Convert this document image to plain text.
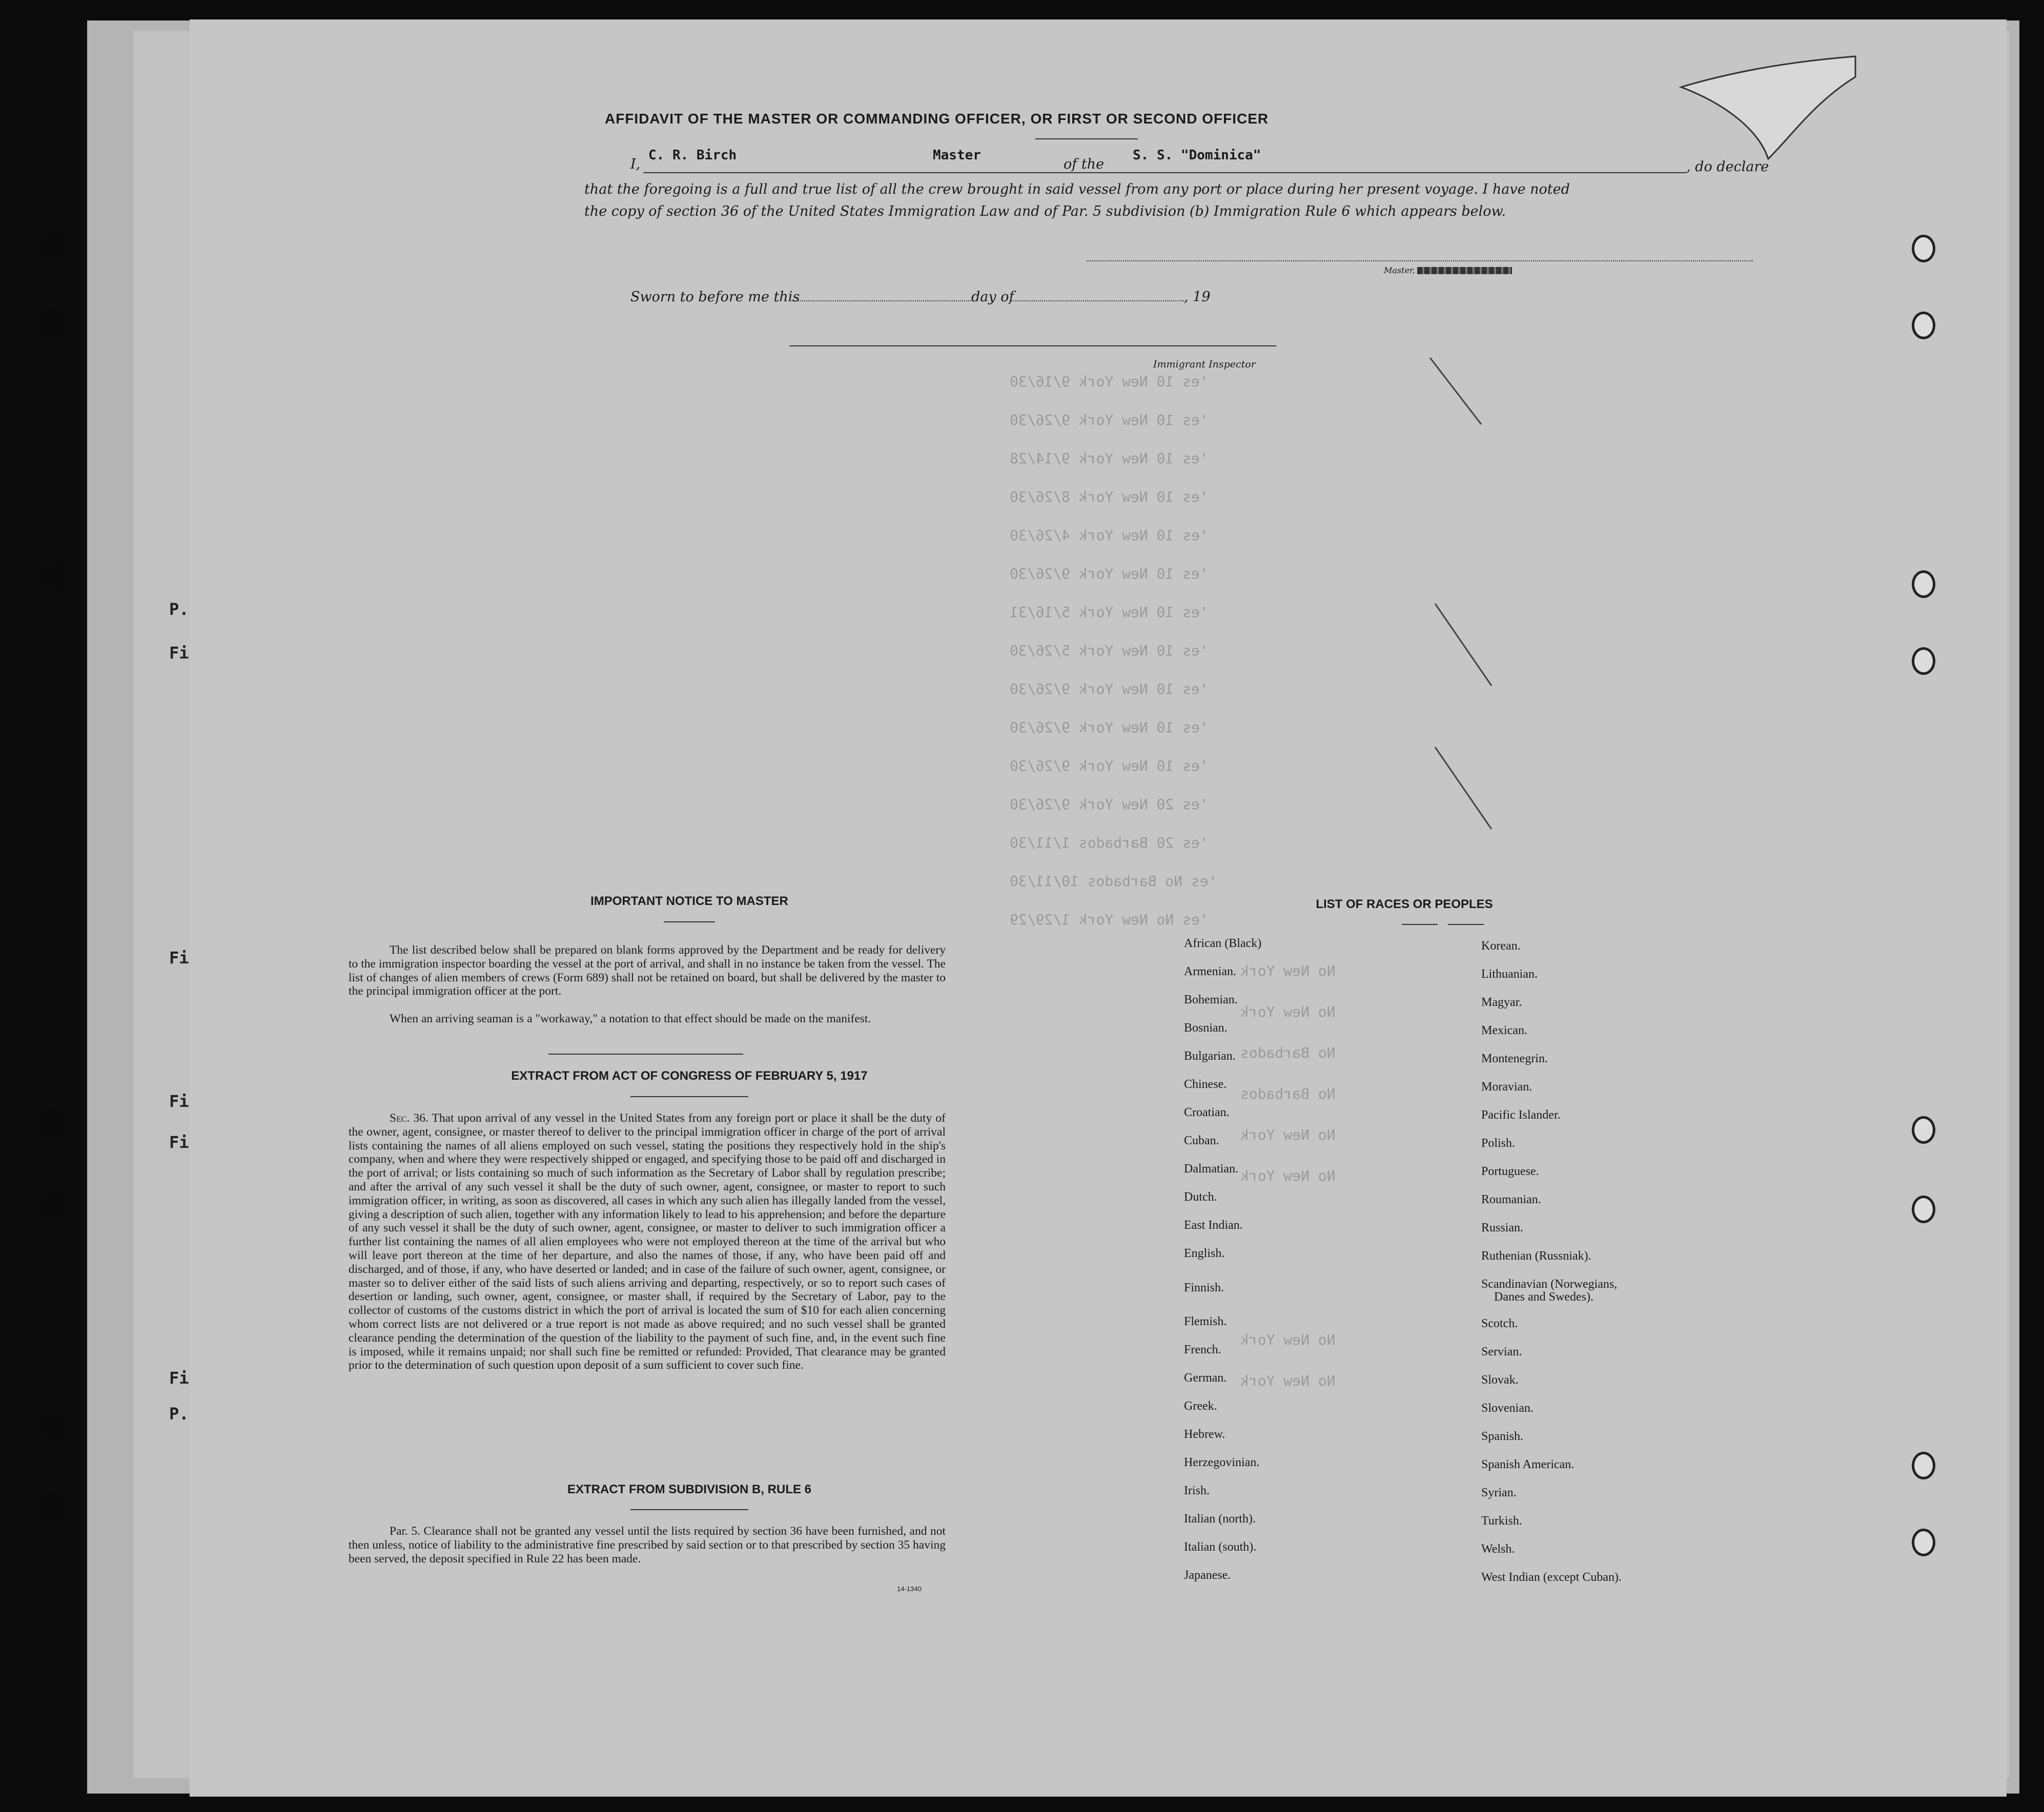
P.
Fi
Fi
Fi
Fi
Fi
P.
'es 10 New York 9/16/30
'es 10 New York 9/26/30
'es 10 New York 9/14/28
'es 10 New York 8/26/30
'es 10 New York 4/26/30
'es 10 New York 9/26/30
'es 10 New York 5/16/31
'es 10 New York 5/26/30
'es 10 New York 9/26/30
'es 10 New York 9/26/30
'es 10 New York 9/26/30
'es 20 New York 9/26/30
'es 20 Barbados 1/11/30
'es No Barbados 10/11/30
'es No New York 1/29/29
No New York
No New York
No Barbados
No Barbados
No New York
No New York
No New York
No New York
AFFIDAVIT OF THE MASTER OR COMMANDING OFFICER, OR FIRST OR SECOND OFFICER
I,
C. R. Birch	Master
of the
S. S. "Dominica"
, do declare
that the foregoing is a full and true list of all the crew brought in said vessel from any port or place during her present voyage. I have noted
the copy of section 36 of the United States Immigration Law and of Par. 5 subdivision (b) Immigration Rule 6 which appears below.
Master,
Sworn to before me this	day of	, 19
Immigrant Inspector
IMPORTANT NOTICE TO MASTER
The list described below shall be prepared on blank forms approved by the Department and be ready for delivery to the immigration inspector boarding the vessel at the port of arrival, and shall in no instance be taken from the vessel. The list of changes of alien members of crews (Form 689) shall not be retained on board, but shall be delivered by the master to the principal immigration officer at the port.
When an arriving seaman is a "workaway," a notation to that effect should be made on the manifest.
EXTRACT FROM ACT OF CONGRESS OF FEBRUARY 5, 1917
Sec. 36. That upon arrival of any vessel in the United States from any foreign port or place it shall be the duty of the owner, agent, consignee, or master thereof to deliver to the principal immigration officer in charge of the port of arrival lists containing the names of all aliens employed on such vessel, stating the positions they respectively hold in the ship's company, when and where they were respectively shipped or engaged, and specifying those to be paid off and discharged in the port of arrival; or lists containing so much of such information as the Secretary of Labor shall by regulation prescribe; and after the arrival of any such vessel it shall be the duty of such owner, agent, consignee, or master to report to such immigration officer, in writing, as soon as discovered, all cases in which any such alien has illegally landed from the vessel, giving a description of such alien, together with any information likely to lead to his apprehension; and before the departure of any such vessel it shall be the duty of such owner, agent, consignee, or master to deliver to such immigration officer a further list containing the names of all alien employees who were not employed thereon at the time of the arrival but who will leave port thereon at the time of her departure, and also the names of those, if any, who have been paid off and discharged, and of those, if any, who have deserted or landed; and in case of the failure of such owner, agent, consignee, or master so to deliver either of the said lists of such aliens arriving and departing, respectively, or so to report such cases of desertion or landing, such owner, agent, consignee, or master shall, if required by the Secretary of Labor, pay to the collector of customs of the customs district in which the port of arrival is located the sum of $10 for each alien concerning whom correct lists are not delivered or a true report is not made as above required; and no such vessel shall be granted clearance pending the determination of the question of the liability to the payment of such fine, and, in the event such fine is imposed, while it remains unpaid; nor shall such fine be remitted or refunded: Provided, That clearance may be granted prior to the determination of such question upon deposit of a sum sufficient to cover such fine.
EXTRACT FROM SUBDIVISION B, RULE 6
Par. 5. Clearance shall not be granted any vessel until the lists required by section 36 have been furnished, and not then unless, notice of liability to the administrative fine prescribed by said section or to that prescribed by section 35 having been served, the deposit specified in Rule 22 has been made.
14-1340
LIST OF RACES OR PEOPLES
African (Black)
Armenian.
Bohemian.
Bosnian.
Bulgarian.
Chinese.
Croatian.
Cuban.
Dalmatian.
Dutch.
East Indian.
English.
Finnish.
Flemish.
French.
German.
Greek.
Hebrew.
Herzegovinian.
Irish.
Italian (north).
Italian (south).
Japanese.
Korean.
Lithuanian.
Magyar.
Mexican.
Montenegrin.
Moravian.
Pacific Islander.
Polish.
Portuguese.
Roumanian.
Russian.
Ruthenian (Russniak).
Scandinavian (Norwegians,
Danes and Swedes).
Scotch.
Servian.
Slovak.
Slovenian.
Spanish.
Spanish American.
Syrian.
Turkish.
Welsh.
West Indian (except Cuban).
